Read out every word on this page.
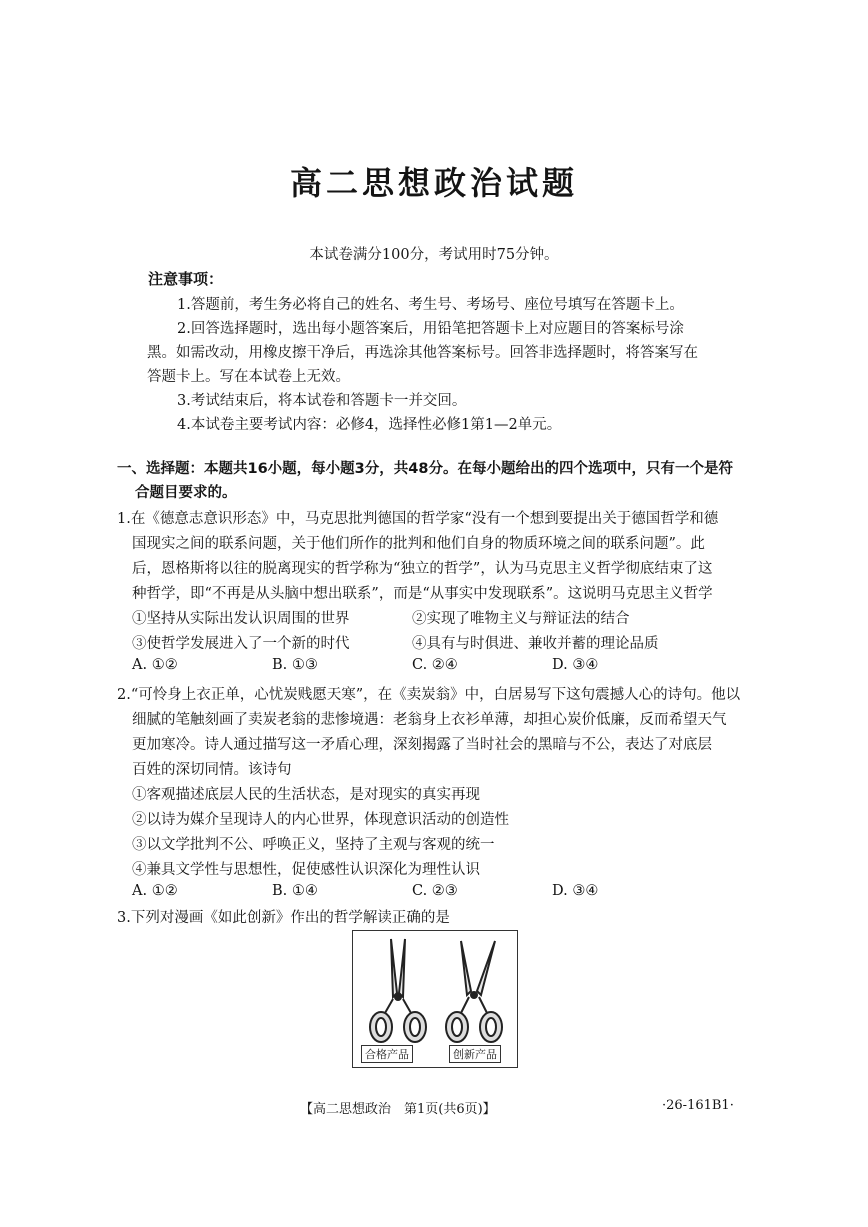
高二思想政治试题
本试卷满分100分，考试用时75分钟。
注意事项：
1.答题前，考生务必将自己的姓名、考生号、考场号、座位号填写在答题卡上。
2.回答选择题时，选出每小题答案后，用铅笔把答题卡上对应题目的答案标号涂
黑。如需改动，用橡皮擦干净后，再选涂其他答案标号。回答非选择题时，将答案写在
答题卡上。写在本试卷上无效。
3.考试结束后，将本试卷和答题卡一并交回。
4.本试卷主要考试内容：必修4，选择性必修1第1—2单元。
一、选择题：本题共16小题，每小题3分，共48分。在每小题给出的四个选项中，只有一个是符
合题目要求的。
1.在《德意志意识形态》中，马克思批判德国的哲学家“没有一个想到要提出关于德国哲学和德
国现实之间的联系问题，关于他们所作的批判和他们自身的物质环境之间的联系问题”。此
后，恩格斯将以往的脱离现实的哲学称为“独立的哲学”，认为马克思主义哲学彻底结束了这
种哲学，即“不再是从头脑中想出联系”，而是“从事实中发现联系”。这说明马克思主义哲学
①坚持从实际出发认识周围的世界	②实现了唯物主义与辩证法的结合
③使哲学发展进入了一个新的时代	④具有与时俱进、兼收并蓄的理论品质
A. ①②	B. ①③	C. ②④	D. ③④
2.“可怜身上衣正单，心忧炭贱愿天寒”，在《卖炭翁》中，白居易写下这句震撼人心的诗句。他以
细腻的笔触刻画了卖炭老翁的悲惨境遇：老翁身上衣衫单薄，却担心炭价低廉，反而希望天气
更加寒冷。诗人通过描写这一矛盾心理，深刻揭露了当时社会的黑暗与不公，表达了对底层
百姓的深切同情。该诗句
①客观描述底层人民的生活状态，是对现实的真实再现
②以诗为媒介呈现诗人的内心世界，体现意识活动的创造性
③以文学批判不公、呼唤正义，坚持了主观与客观的统一
④兼具文学性与思想性，促使感性认识深化为理性认识
A. ①②	B. ①④	C. ②③	D. ③④
3.下列对漫画《如此创新》作出的哲学解读正确的是
合格产品	创新产品
【高二思想政治　第1页(共6页)】	·26-161B1·
